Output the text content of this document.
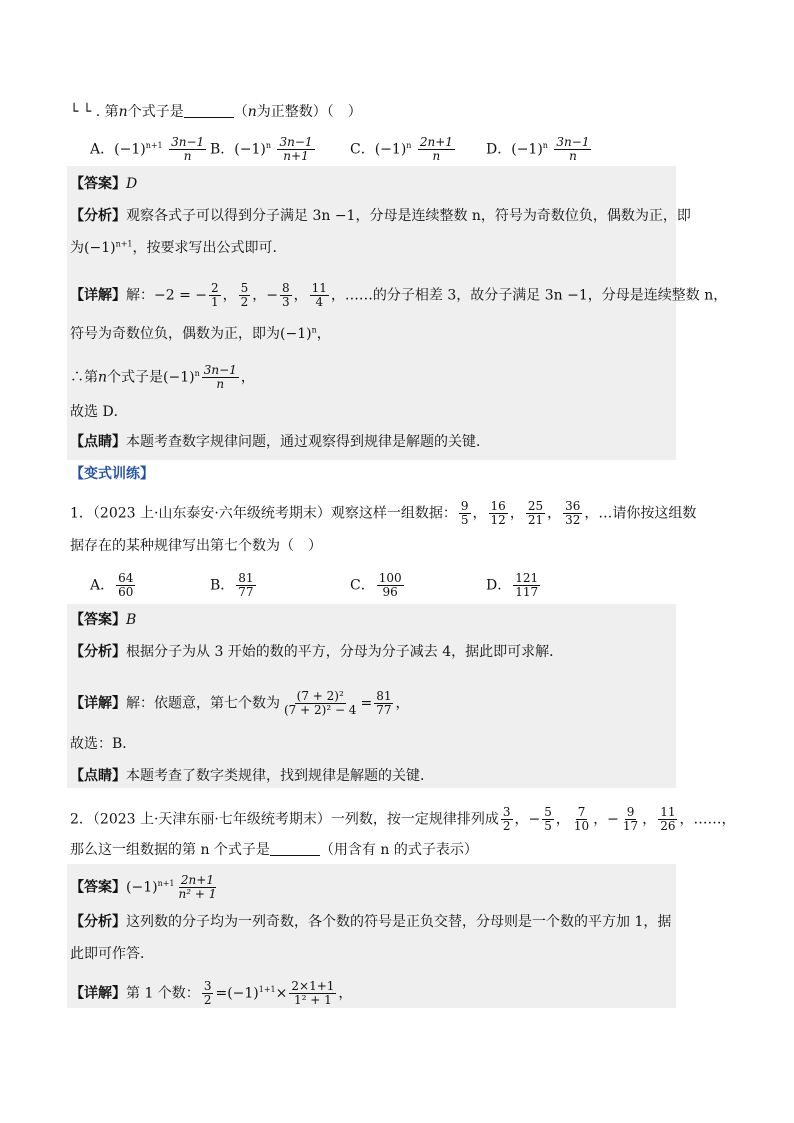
└ └ . 第n个式子是	（n为正整数）（　）
A．$(-1)^{n+1} \frac{3n-1}{n}$ B．$(-1)^n \frac{3n-1}{n+1}$	C．$(-1)^n \frac{2n+1}{n}$ D．$(-1)^n \frac{3n-1}{n}$
【答案】D
【分析】观察各式子可以得到分子满足 3n −1，分母是连续整数 n，符号为奇数位负，偶数为正，即
为$(-1)^{n+1}$，按要求写出公式即可．
【详解】解：−2 = − $\frac{2}{1}$ ， $\frac{5}{2}$ ，− $\frac{8}{3}$ ， $\frac{11}{4}$ ，……的分子相差 3，故分子满足 3n −1，分母是连续整数 n，
符号为奇数位负，偶数为正，即为$(-1)^n$，
∴第n个式子是$(-1)^n \frac{3n-1}{n}$ ，
故选 D．
【点睛】本题考查数字规律问题，通过观察得到规律是解题的关键．
【变式训练】
1．（2023 上·山东泰安·六年级统考期末）观察这样一组数据： $\frac{9}{5}$ ， $\frac{16}{12}$ ， $\frac{25}{21}$ ， $\frac{36}{32}$ ，…请你按这组数
据存在的某种规律写出第七个数为（　）
A． $\frac{64}{60}$	B． $\frac{81}{77}$	C． $\frac{100}{96}$	D． $\frac{121}{117}$
【答案】B
【分析】根据分子为从 3 开始的数的平方，分母为分子减去 4，据此即可求解．
【详解】解：依题意，第七个数为 $\frac{\text{(7 + 2)²}}{\text{(7 + 2)² − 4}} = \frac{81}{77}$ ，
故选：B．
【点睛】本题考查了数字类规律，找到规律是解题的关键．
2．（2023 上·天津东丽·七年级统考期末）一列数，按一定规律排列成 $\frac{3}{2}$ ，− $\frac{5}{5}$ ， $\frac{7}{10}$ ，− $\frac{9}{17}$ ， $\frac{11}{26}$ ，……，
那么这一组数据的第 n 个式子是	（用含有 n 的式子表示）
【答案】$(-1)^{n+1} \frac{2n+1}{\text{n² + 1}}$
【分析】这列数的分子均为一列奇数，各个数的符号是正负交替，分母则是一个数的平方加 1，据
此即可作答．
【详解】第 1 个数： $\frac{3}{2} =(-1)^{1+1}\times \frac{2\times 1+1}{\text{1² + 1}}$ ，
